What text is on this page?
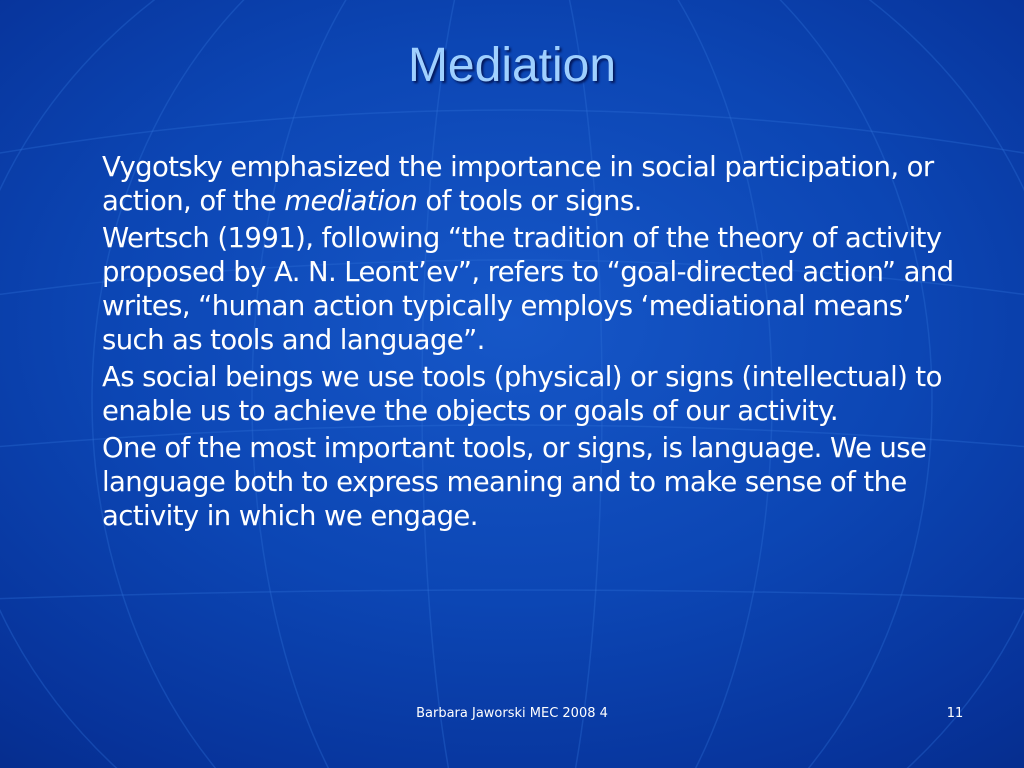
Mediation

Vygotsky emphasized the importance in social participation, or action, of the mediation of tools or signs.

Wertsch (1991), following “the tradition of the theory of activity proposed by A. N. Leont’ev”, refers to “goal-directed action” and writes, “human action typically employs ‘mediational means’ such as tools and language”.

As social beings we use tools (physical) or signs (intellectual) to enable us to achieve the objects or goals of our activity.

One of the most important tools, or signs, is language. We use language both to express meaning and to make sense of the activity in which we engage.

Barbara Jaworski MEC 2008 4	11
